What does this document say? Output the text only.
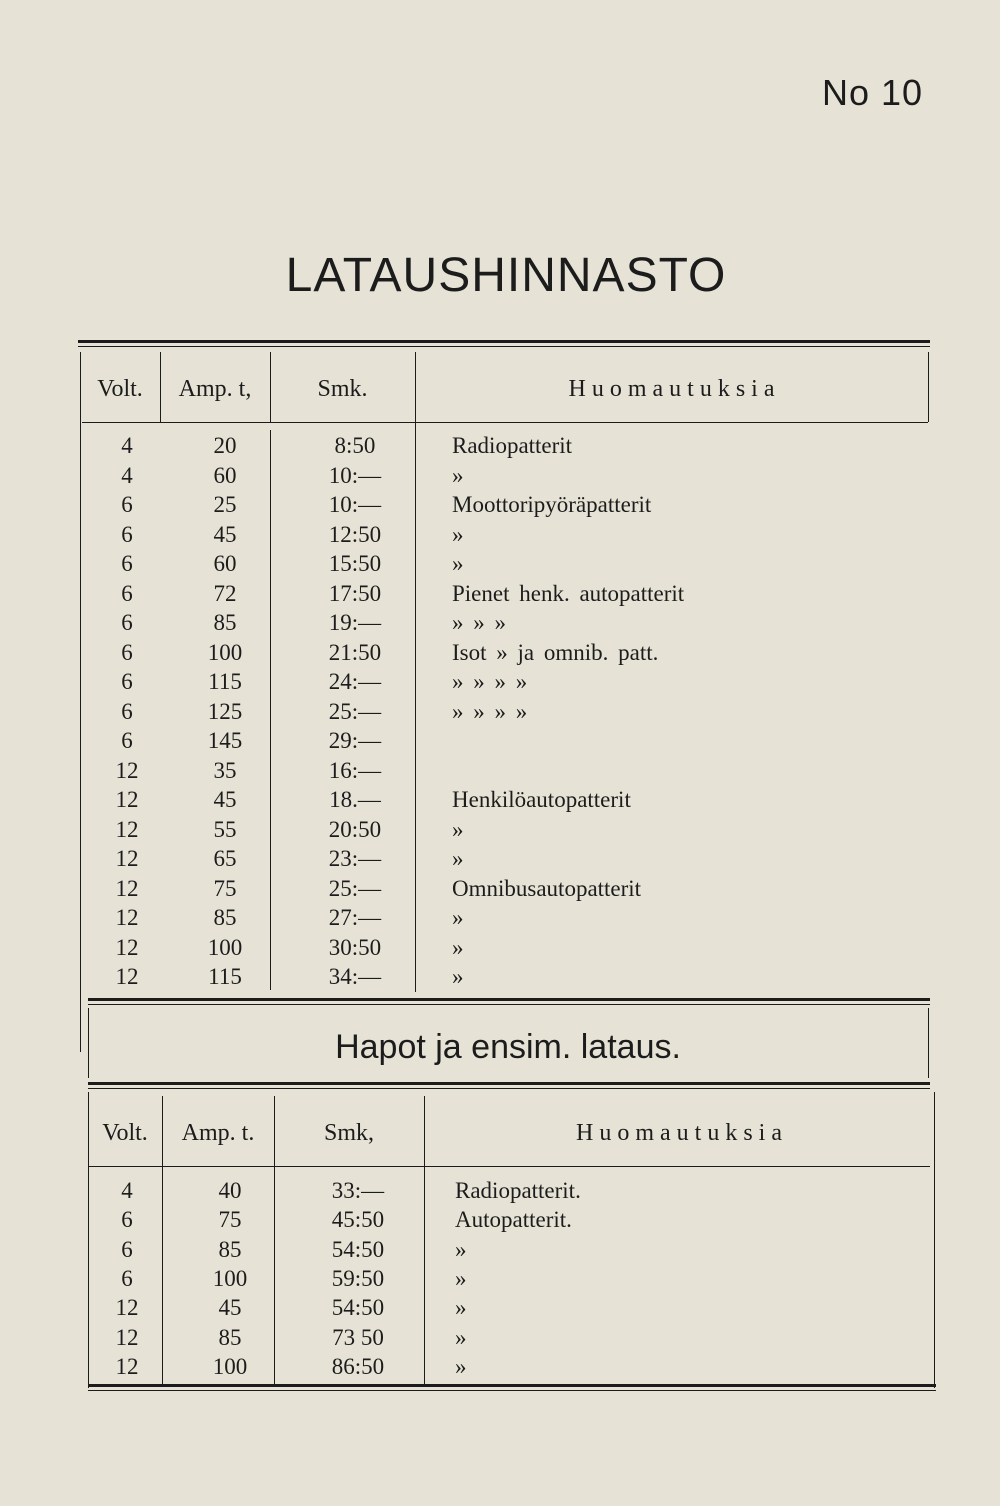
No 10
LATAUSHINNASTO
Volt.	Amp. t,	Smk.	H u o m a u t u k s i a
4	20	8:50	Radiopatterit
4	60	10:—	»
6	25	10:—	Moottoripyöräpatterit
6	45	12:50	»
6	60	15:50	»
6	72	17:50	Pienet henk. autopatterit
6	85	19:—	» » »
6	100	21:50	Isot » ja omnib. patt.
6	115	24:—	» » » »
6	125	25:—	» » » »
6	145	29:—
12	35	16:—
12	45	18.—	Henkilöautopatterit
12	55	20:50	»
12	65	23:—	»
12	75	25:—	Omnibusautopatterit
12	85	27:—	»
12	100	30:50	»
12	115	34:—	»
Hapot ja ensim. lataus.
Volt.	Amp. t.	Smk,	H u o m a u t u k s i a
4	40	33:—	Radiopatterit.
6	75	45:50	Autopatterit.
6	85	54:50	»
6	100	59:50	»
12	45	54:50	»
12	85	73 50	»
12	100	86:50	»
